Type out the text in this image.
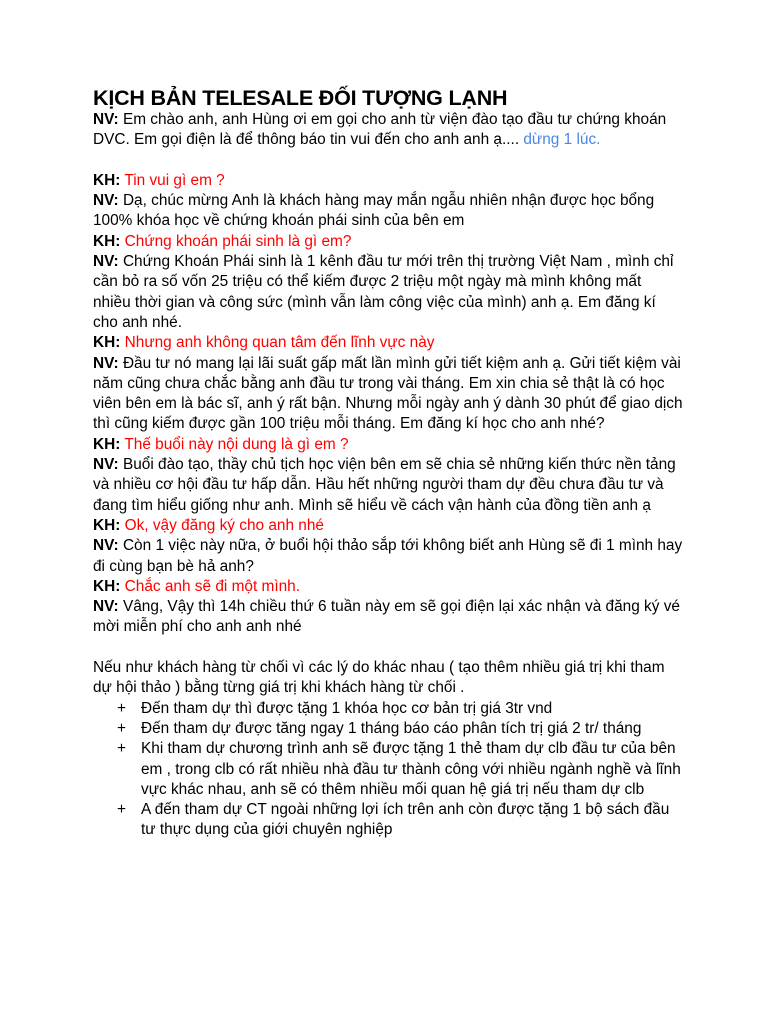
KỊCH BẢN TELESALE ĐỐI TƯỢNG LẠNH

NV: Em chào anh, anh Hùng ơi em gọi cho anh từ viện đào tạo đầu tư chứng khoán DVC. Em gọi điện là để thông báo tin vui đến cho anh anh ạ.... dừng 1 lúc.

KH: Tin vui gì em ?

NV: Dạ, chúc mừng Anh là khách hàng may mắn ngẫu nhiên nhận được học bổng 100% khóa học về chứng khoán phái sinh của bên em

KH: Chứng khoán phái sinh là gì em?

NV: Chứng Khoán Phái sinh là 1 kênh đầu tư mới trên thị trường Việt Nam , mình chỉ cần bỏ ra số vốn 25 triệu có thể kiếm được 2 triệu một ngày mà mình không mất nhiều thời gian và công sức (mình vẫn làm công việc của mình) anh ạ. Em đăng kí cho anh nhé.

KH: Nhưng anh không quan tâm đến lĩnh vực này

NV: Đầu tư nó mang lại lãi suất gấp mất lần mình gửi tiết kiệm anh ạ. Gửi tiết kiệm vài năm cũng chưa chắc bằng anh đầu tư trong vài tháng. Em xin chia sẻ thật là có học viên bên em là bác sĩ, anh ý rất bận. Nhưng mỗi ngày anh ý dành 30 phút để giao dịch thì cũng kiếm được gần 100 triệu mỗi tháng. Em đăng kí học cho anh nhé?

KH: Thế buổi này nội dung là gì em ?

NV: Buổi đào tạo, thầy chủ tịch học viện bên em sẽ chia sẻ những kiến thức nền tảng và nhiều cơ hội đầu tư hấp dẫn. Hầu hết những người tham dự đều chưa đầu tư và đang tìm hiểu giống như anh. Mình sẽ hiểu về cách vận hành của đồng tiền anh ạ

KH: Ok, vậy đăng ký cho anh nhé

NV: Còn 1 việc này nữa, ở buổi hội thảo sắp tới không biết anh Hùng sẽ đi 1 mình hay đi cùng bạn bè hả anh?

KH: Chắc anh sẽ đi một mình.

NV: Vâng, Vậy thì 14h chiều thứ 6 tuần này em sẽ gọi điện lại xác nhận và đăng ký vé mời miễn phí cho anh anh nhé

Nếu như khách hàng từ chối vì các lý do khác nhau ( tạo thêm nhiều giá trị khi tham dự hội thảo ) bằng từng giá trị khi khách hàng từ chối .

+ Đến tham dự thì được tặng 1 khóa học cơ bản trị giá 3tr vnd
+ Đến tham dự được tăng ngay 1 tháng báo cáo phân tích trị giá 2 tr/ tháng
+ Khi tham dự chương trình anh sẽ được tặng 1 thẻ tham dự clb đầu tư của bên em , trong clb có rất nhiều nhà đầu tư thành công với nhiều ngành nghề và lĩnh vực khác nhau, anh sẽ có thêm nhiều mối quan hệ giá trị nếu tham dự clb
+ A đến tham dự CT ngoài những lợi ích trên anh còn được tặng 1 bộ sách đầu tư thực dụng của giới chuyên nghiệp
